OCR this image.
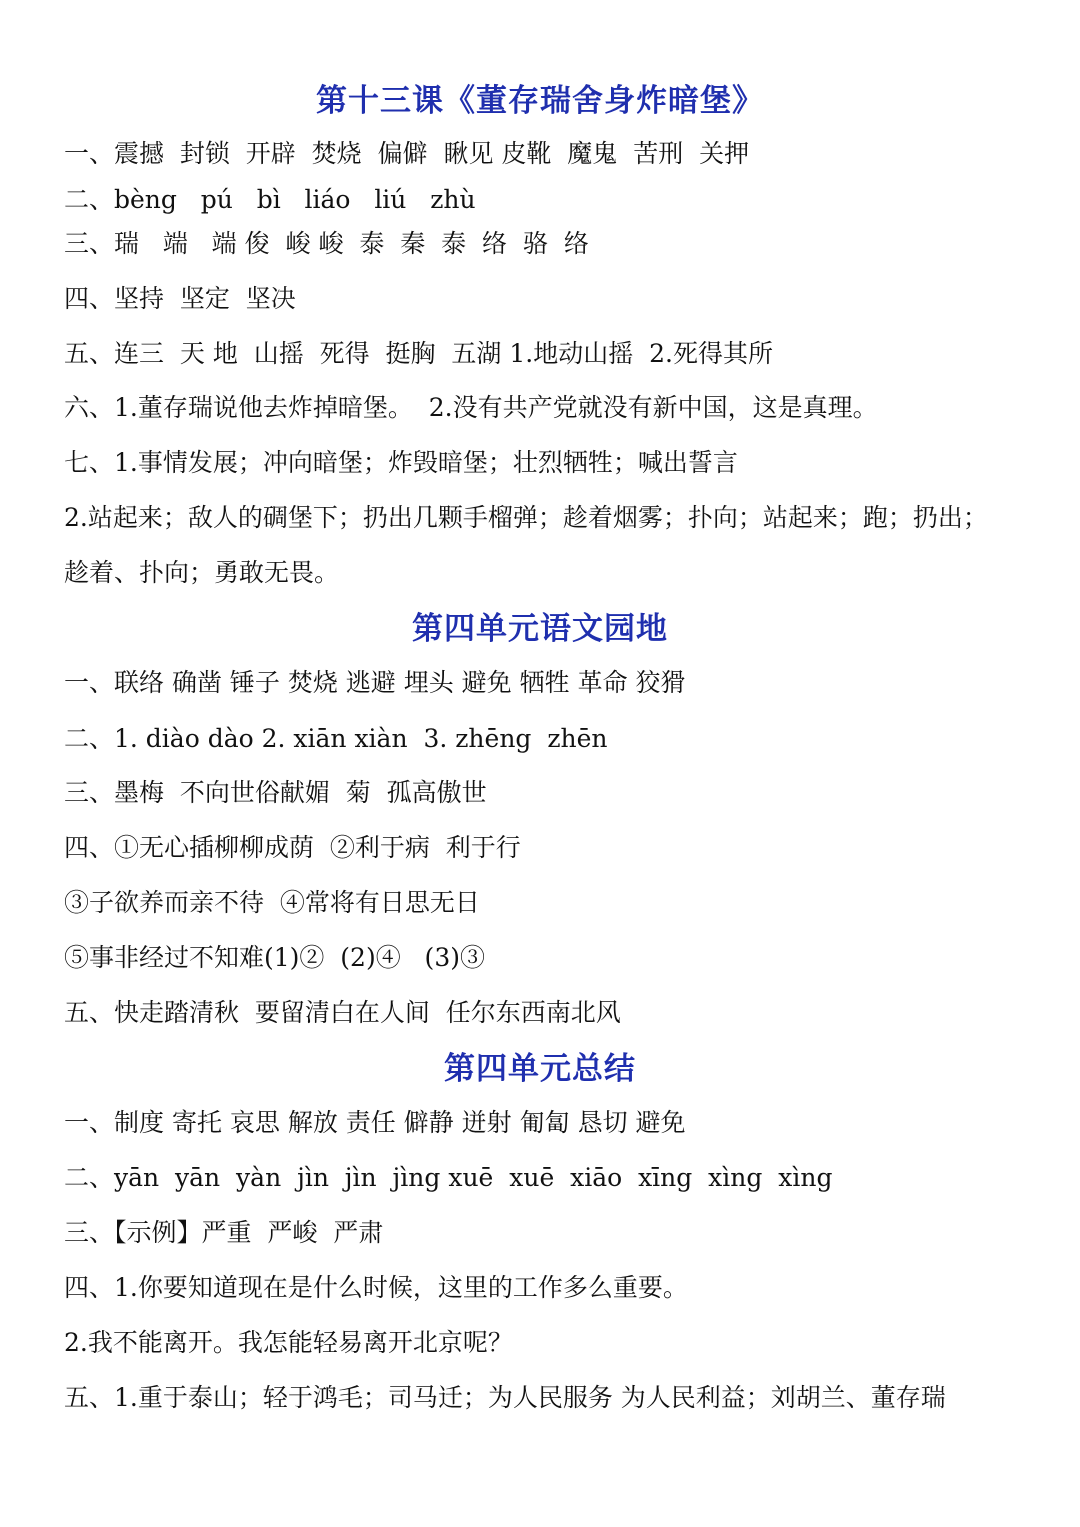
第十三课《董存瑞舍身炸暗堡》
一、震撼  封锁  开辟  焚烧  偏僻  瞅见 皮靴  魔鬼  苦刑  关押
二、bèng   pú   bì   liáo   liú   zhù
三、瑞   端   端 俊  峻 峻  泰  秦  泰  络  骆  络
四、坚持  坚定  坚决
五、连三  天 地  山摇  死得  挺胸  五湖 1.地动山摇  2.死得其所
六、1.董存瑞说他去炸掉暗堡。  2.没有共产党就没有新中国，这是真理。
七、1.事情发展；冲向暗堡；炸毁暗堡；壮烈牺牲；喊出誓言
2.站起来；敌人的碉堡下；扔出几颗手榴弹；趁着烟雾；扑向；站起来；跑；扔出；
趁着、扑向；勇敢无畏。
第四单元语文园地
一、联络 确凿 锤子 焚烧 逃避 埋头 避免 牺牲 革命 狡猾
二、1. diào dào 2. xiān xiàn  3. zhēng  zhēn
三、墨梅  不向世俗献媚  菊  孤高傲世
四、①无心插柳柳成荫  ②利于病  利于行
③子欲养而亲不待  ④常将有日思无日
⑤事非经过不知难(1)②  (2)④   (3)③
五、快走踏清秋  要留清白在人间  任尔东西南北风
第四单元总结
一、制度 寄托 哀思 解放 责任 僻静 迸射 匍匐 恳切 避免
二、yān  yān  yàn  jìn  jìn  jìng xuē  xuē  xiāo  xīng  xìng  xìng
三、【示例】严重  严峻  严肃
四、1.你要知道现在是什么时候，这里的工作多么重要。
2.我不能离开。我怎能轻易离开北京呢？
五、1.重于泰山；轻于鸿毛；司马迁；为人民服务 为人民利益；刘胡兰、董存瑞
